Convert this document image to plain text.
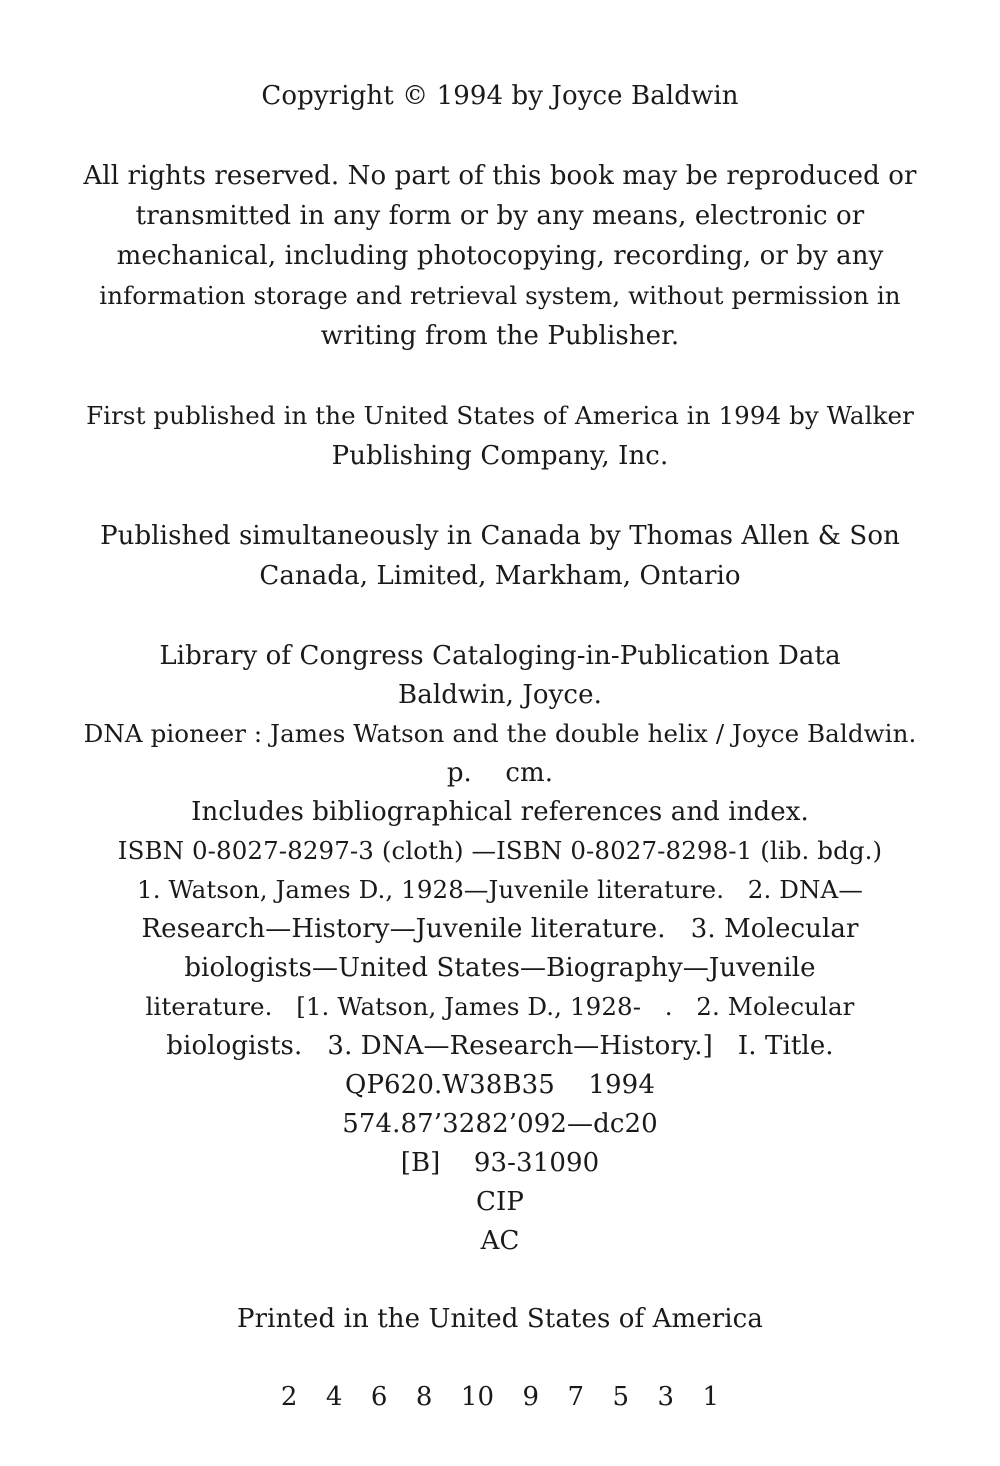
Copyright © 1994 by Joyce Baldwin
All rights reserved. No part of this book may be reproduced or
transmitted in any form or by any means, electronic or
mechanical, including photocopying, recording, or by any
information storage and retrieval system, without permission in
writing from the Publisher.
First published in the United States of America in 1994 by Walker
Publishing Company, Inc.
Published simultaneously in Canada by Thomas Allen & Son
Canada, Limited, Markham, Ontario
Library of Congress Cataloging-in-Publication Data
Baldwin, Joyce.
DNA pioneer : James Watson and the double helix / Joyce Baldwin.
p.    cm.
Includes bibliographical references and index.
ISBN 0-8027-8297-3 (cloth) —ISBN 0-8027-8298-1 (lib. bdg.)
1. Watson, James D., 1928—Juvenile literature.   2. DNA—
Research—History—Juvenile literature.   3. Molecular
biologists—United States—Biography—Juvenile
literature.   [1. Watson, James D., 1928-   .   2. Molecular
biologists.   3. DNA—Research—History.]   I. Title.
QP620.W38B35    1994
574.87’3282’092—dc20
[B]    93-31090
CIP
AC
Printed in the United States of America
2 4 6 8 10 9 7 5 3 1
